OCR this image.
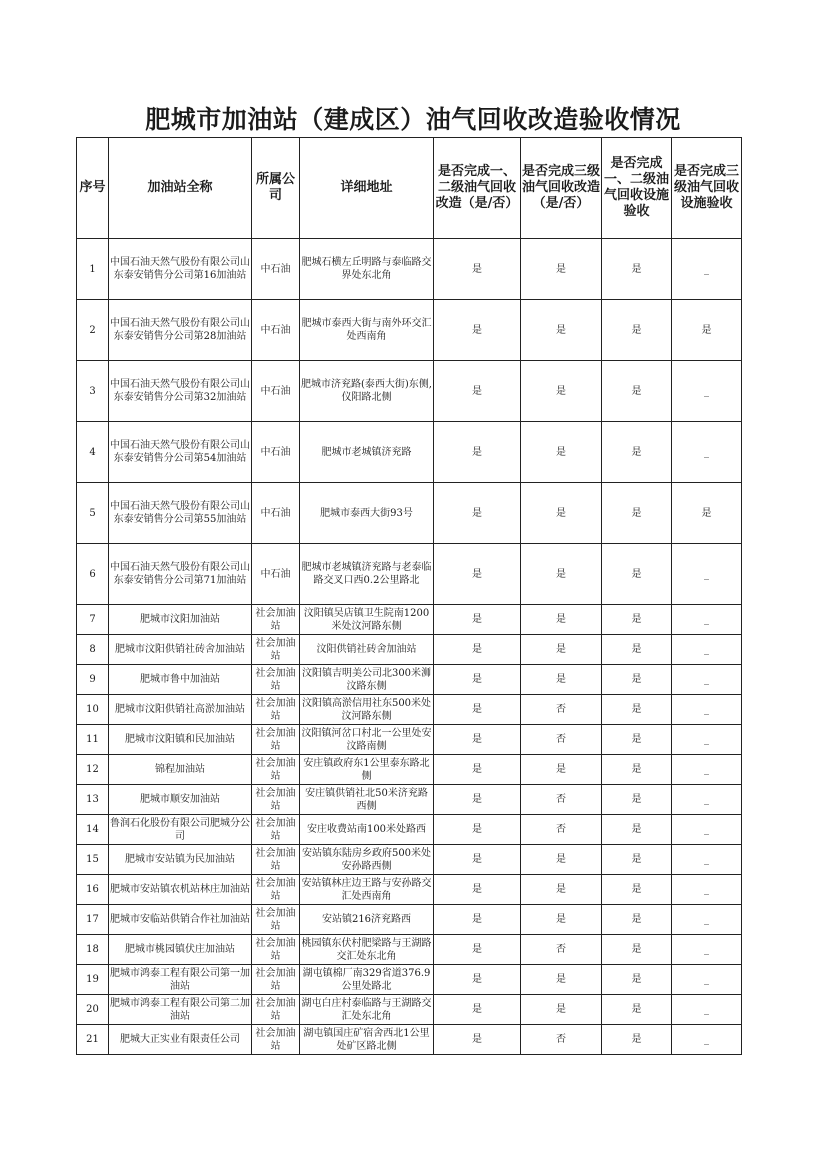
肥城市加油站（建成区）油气回收改造验收情况
序号	加油站全称	所属公司	详细地址	是否完成一、二级油气回收改造（是/否）	是否完成三级油气回收改造（是/否）	是否完成一、二级油气回收设施验收	是否完成三级油气回收设施验收
1	中国石油天然气股份有限公司山东泰安销售分公司第16加油站	中石油	肥城石横左丘明路与泰临路交界处东北角	是	是	是	_
2	中国石油天然气股份有限公司山东泰安销售分公司第28加油站	中石油	肥城市泰西大街与南外环交汇处西南角	是	是	是	是
3	中国石油天然气股份有限公司山东泰安销售分公司第32加油站	中石油	肥城市济兖路(泰西大街)东侧,仪阳路北侧	是	是	是	_
4	中国石油天然气股份有限公司山东泰安销售分公司第54加油站	中石油	肥城市老城镇济兖路	是	是	是	_
5	中国石油天然气股份有限公司山东泰安销售分公司第55加油站	中石油	肥城市泰西大街93号	是	是	是	是
6	中国石油天然气股份有限公司山东泰安销售分公司第71加油站	中石油	肥城市老城镇济兖路与老泰临路交叉口西0.2公里路北	是	是	是	_
7	肥城市汶阳加油站	社会加油站	汶阳镇吴店镇卫生院南1200米处汶河路东侧	是	是	是	_
8	肥城市汶阳供销社砖舍加油站	社会加油站	汶阳供销社砖舍加油站	是	是	是	_
9	肥城市鲁中加油站	社会加油站	汶阳镇吉明美公司北300米浉汶路东侧	是	是	是	_
10	肥城市汶阳供销社高淤加油站	社会加油站	汶阳镇高淤信用社东500米处汶河路东侧	是	否	是	_
11	肥城市汶阳镇和民加油站	社会加油站	汶阳镇河岔口村北一公里处安汶路南侧	是	否	是	_
12	锦程加油站	社会加油站	安庄镇政府东1公里泰东路北侧	是	是	是	_
13	肥城市顺安加油站	社会加油站	安庄镇供销社北50米济兖路西侧	是	否	是	_
14	鲁润石化股份有限公司肥城分公司	社会加油站	安庄收费站南100米处路西	是	否	是	_
15	肥城市安站镇为民加油站	社会加油站	安站镇东陆房乡政府500米处安孙路西侧	是	是	是	_
16	肥城市安站镇农机站林庄加油站	社会加油站	安站镇林庄边王路与安孙路交汇处西南角	是	是	是	_
17	肥城市安临站供销合作社加油站	社会加油站	安站镇216济兖路西	是	是	是	_
18	肥城市桃园镇伏庄加油站	社会加油站	桃园镇东伏村肥梁路与王湖路交汇处东北角	是	否	是	_
19	肥城市鸿泰工程有限公司第一加油站	社会加油站	湖屯镇棉厂南329省道376.9公里处路北	是	是	是	_
20	肥城市鸿泰工程有限公司第二加油站	社会加油站	湖屯白庄村泰临路与王湖路交汇处东北角	是	是	是	_
21	肥城大正实业有限责任公司	社会加油站	湖屯镇国庄矿宿舍西北1公里处矿区路北侧	是	否	是	_
